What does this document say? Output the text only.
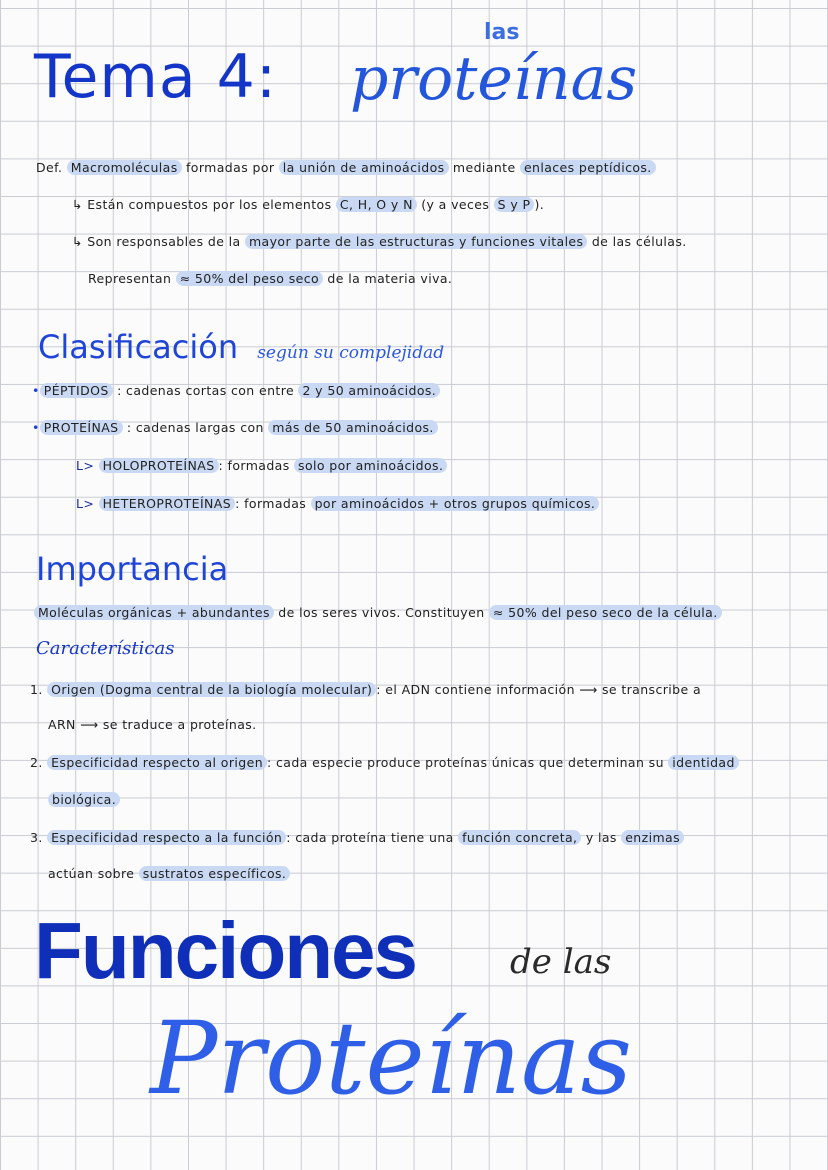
las
Tema 4: proteínas
Def. Macromoléculas formadas por la unión de aminoácidos mediante enlaces peptídicos.
↳ Están compuestos por los elementos C, H, O y N (y a veces S y P ).
↳ Son responsables de la mayor parte de las estructuras y funciones vitales de las células.
Representan ≈ 50% del peso seco de la materia viva.
Clasificación según su complejidad
• PÉPTIDOS : cadenas cortas con entre 2 y 50 aminoácidos.
• PROTEÍNAS : cadenas largas con más de 50 aminoácidos.
L> HOLOPROTEÍNAS : formadas solo por aminoácidos.
L> HETEROPROTEÍNAS : formadas por aminoácidos + otros grupos químicos.
Importancia
Moléculas orgánicas + abundantes de los seres vivos. Constituyen ≈ 50% del peso seco de la célula.
Características
1. Origen (Dogma central de la biología molecular) : el ADN contiene información ⟶ se transcribe a
ARN ⟶ se traduce a proteínas.
2. Especificidad respecto al origen : cada especie produce proteínas únicas que determinan su identidad
biológica.
3. Especificidad respecto a la función : cada proteína tiene una función concreta, y las enzimas
actúan sobre sustratos específicos.
Funciones	de las
Proteínas
